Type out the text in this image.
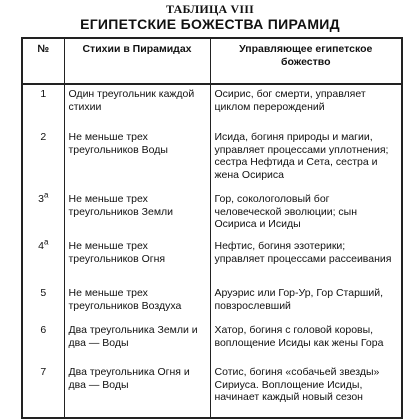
ТАБЛИЦА VIII
ЕГИПЕТСКИЕ БОЖЕСТВА ПИРАМИД
№	Стихии в Пирамидах	Управляющее египетское божество
1	Один треугольник каждой стихии	Осирис, бог смерти, управляет циклом перерождений
2	Не меньше трех треугольников Воды	Исида, богиня природы и магии, управляет процессами уплотнения; сестра Нефтида и Сета, сестра и жена Осириса
3$^a$	Не меньше трех треугольников Земли	Гор, сокологоловый бог человеческой эволюции; сын Осириса и Исиды
4$^a$	Не меньше трех треугольников Огня	Нефтис, богиня эзотерики; управляет процессами рассеивания
5	Не меньше трех треугольников Воздуха	Аруэрис или Гор-Ур, Гор Старший, повзрослевший
6	Два треугольника Земли и два — Воды	Хатор, богиня с головой коровы, воплощение Исиды как жены Гора
7	Два треугольника Огня и два — Воды	Сотис, богиня «собачьей звезды» Сириуса. Воплощение Исиды, начинает каждый новый сезон
